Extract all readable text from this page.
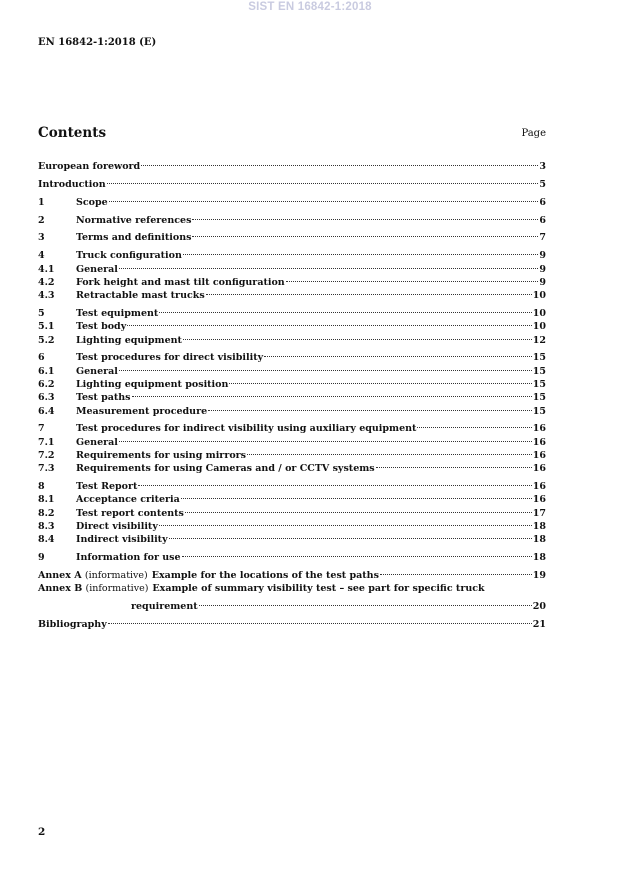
SIST EN 16842-1:2018
EN 16842-1:2018 (E)
Contents	Page
European foreword	3
Introduction	5
1	Scope	6
2	Normative references	6
3	Terms and definitions	7
4	Truck configuration	9
4.1	General	9
4.2	Fork height and mast tilt configuration	9
4.3	Retractable mast trucks	10
5	Test equipment	10
5.1	Test body	10
5.2	Lighting equipment	12
6	Test procedures for direct visibility	15
6.1	General	15
6.2	Lighting equipment position	15
6.3	Test paths	15
6.4	Measurement procedure	15
7	Test procedures for indirect visibility using auxiliary equipment	16
7.1	General	16
7.2	Requirements for using mirrors	16
7.3	Requirements for using Cameras and / or CCTV systems	16
8	Test Report	16
8.1	Acceptance criteria	16
8.2	Test report contents	17
8.3	Direct visibility	18
8.4	Indirect visibility	18
9	Information for use	18
Annex A (informative) Example for the locations of the test paths	19
Annex B (informative) Example of summary visibility test – see part for specific truck
requirement	20
Bibliography	21
2
